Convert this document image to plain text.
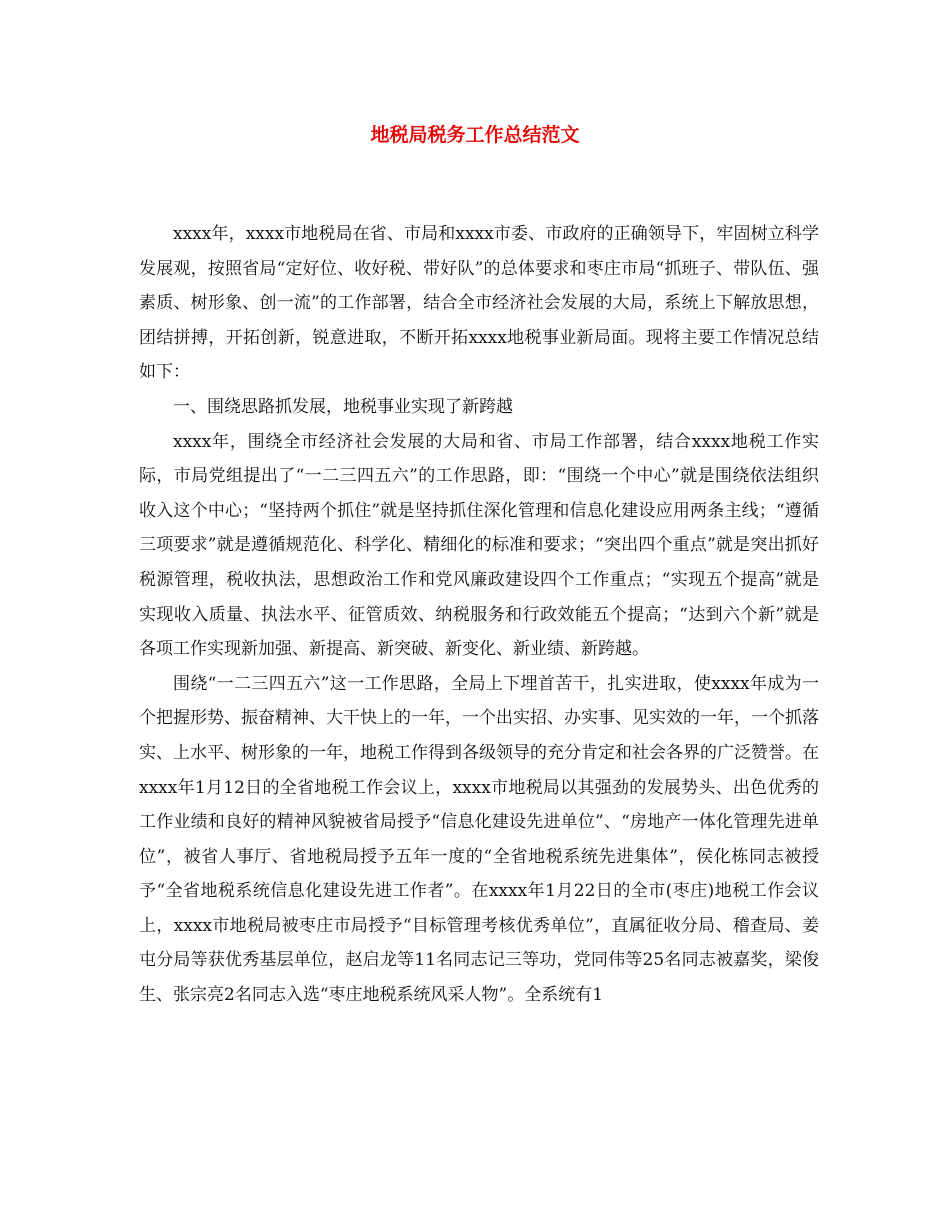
地税局税务工作总结范文

xxxx年，xxxx市地税局在省、市局和xxxx市委、市政府的正确领导下，牢固树立科学发展观，按照省局“定好位、收好税、带好队”的总体要求和枣庄市局“抓班子、带队伍、强素质、树形象、创一流”的工作部署，结合全市经济社会发展的大局，系统上下解放思想，团结拼搏，开拓创新，锐意进取，不断开拓xxxx地税事业新局面。现将主要工作情况总结如下：

一、围绕思路抓发展，地税事业实现了新跨越

xxxx年，围绕全市经济社会发展的大局和省、市局工作部署，结合xxxx地税工作实际，市局党组提出了“一二三四五六”的工作思路，即：“围绕一个中心”就是围绕依法组织收入这个中心；“坚持两个抓住”就是坚持抓住深化管理和信息化建设应用两条主线；“遵循三项要求”就是遵循规范化、科学化、精细化的标准和要求；“突出四个重点”就是突出抓好税源管理，税收执法，思想政治工作和党风廉政建设四个工作重点；“实现五个提高”就是实现收入质量、执法水平、征管质效、纳税服务和行政效能五个提高；“达到六个新”就是各项工作实现新加强、新提高、新突破、新变化、新业绩、新跨越。

围绕“一二三四五六”这一工作思路，全局上下埋首苦干，扎实进取，使xxxx年成为一个把握形势、振奋精神、大干快上的一年，一个出实招、办实事、见实效的一年，一个抓落实、上水平、树形象的一年，地税工作得到各级领导的充分肯定和社会各界的广泛赞誉。在xxxx年1月12日的全省地税工作会议上，xxxx市地税局以其强劲的发展势头、出色优秀的工作业绩和良好的精神风貌被省局授予“信息化建设先进单位”、“房地产一体化管理先进单位”，被省人事厅、省地税局授予五年一度的“全省地税系统先进集体”，侯化栋同志被授予“全省地税系统信息化建设先进工作者”。在xxxx年1月22日的全市(枣庄)地税工作会议上，xxxx市地税局被枣庄市局授予“目标管理考核优秀单位”，直属征收分局、稽查局、姜屯分局等获优秀基层单位，赵启龙等11名同志记三等功，党同伟等25名同志被嘉奖，梁俊生、张宗亮2名同志入选“枣庄地税系统风采人物”。全系统有1
